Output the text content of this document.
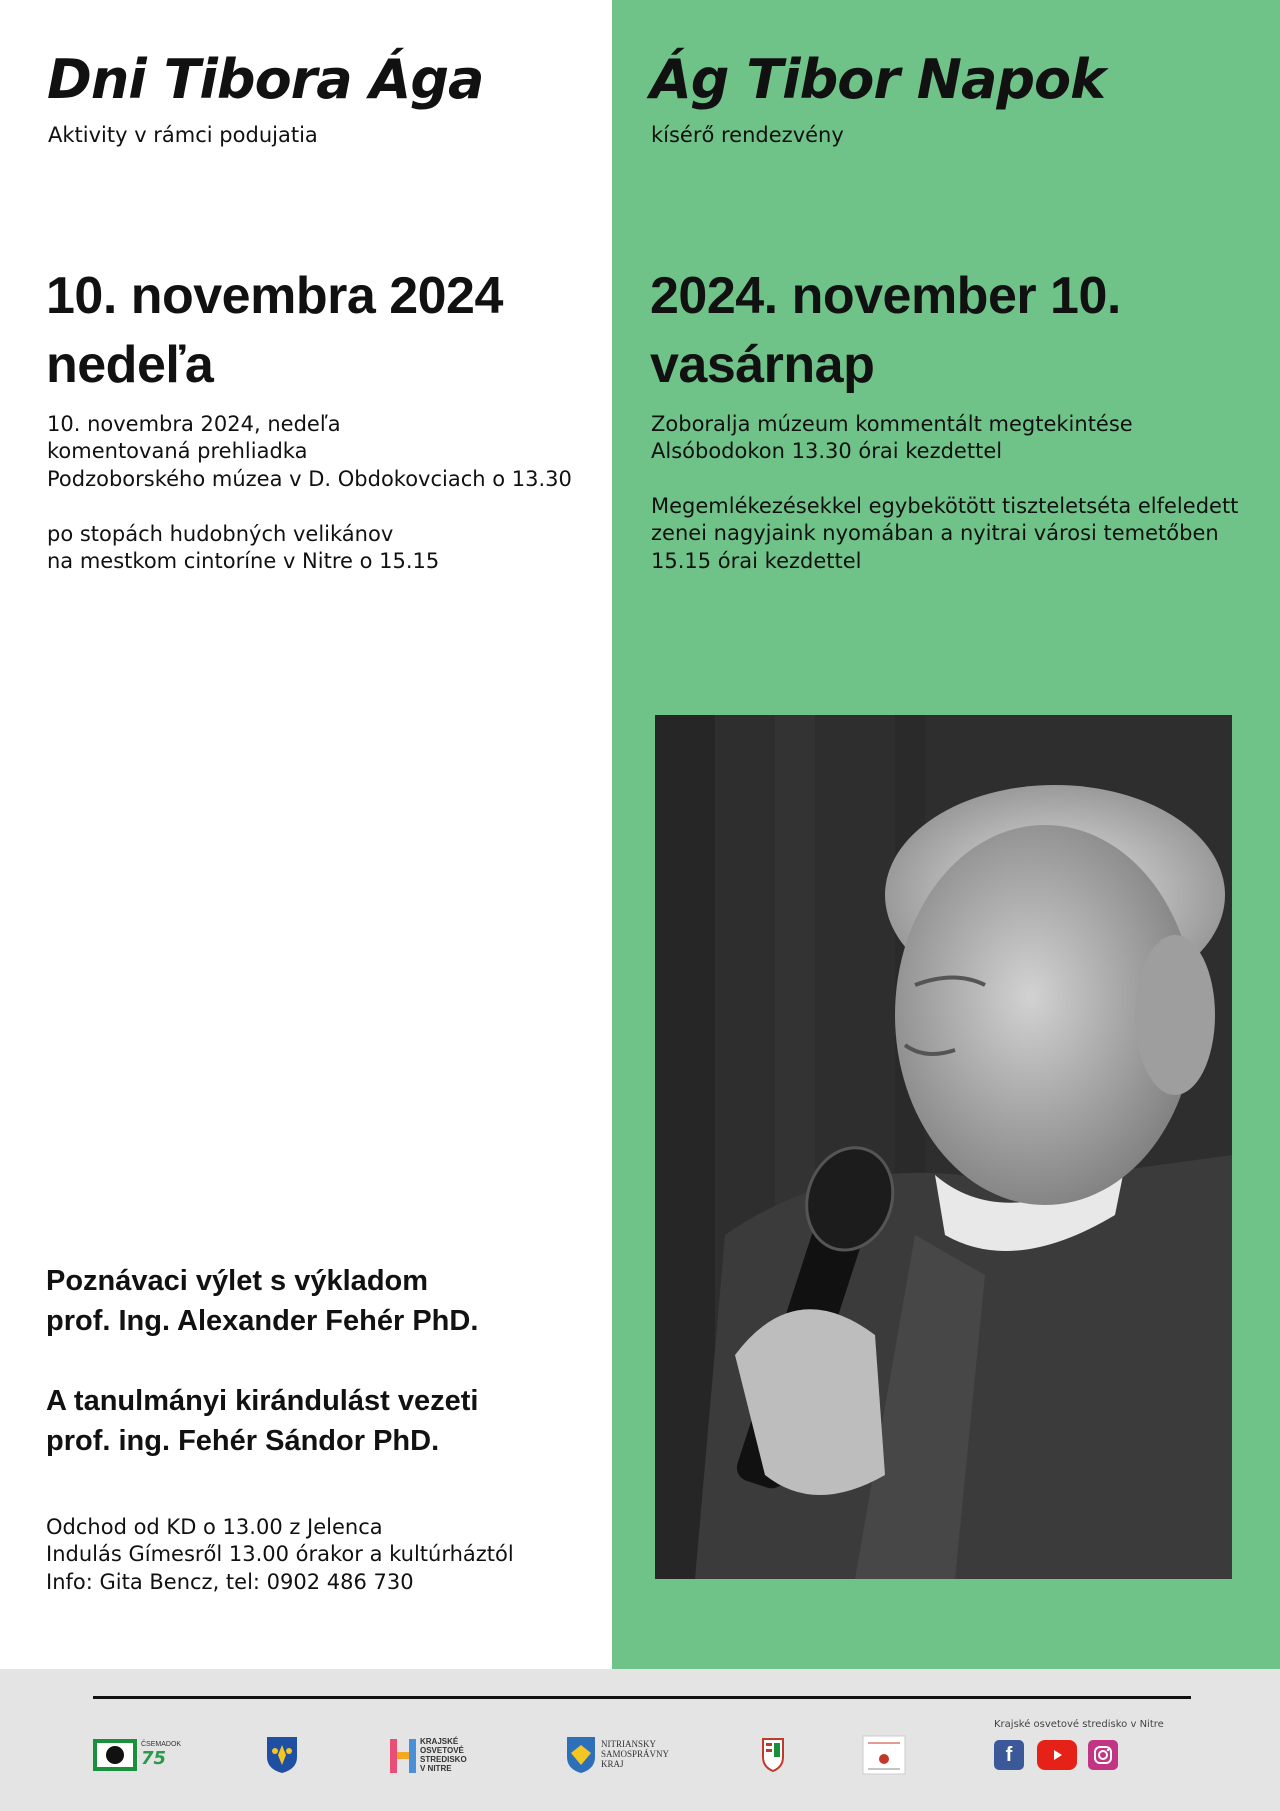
Dni Tibora Ága
Aktivity v rámci podujatia
Ág Tibor Napok
kísérő rendezvény
10. novembra 2024
nedeľa
2024. november 10.
vasárnap
10. novembra 2024, nedeľa
komentovaná prehliadka
Podzoborského múzea v D. Obdokovciach o 13.30
po stopách hudobných velikánov
na mestkom cintoríne v Nitre o 15.15
Zoboralja múzeum kommentált megtekintése
Alsóbodokon 13.30 órai kezdettel
Megemlékezésekkel egybekötött tiszteletséta elfeledett
zenei nagyjaink nyomában a nyitrai városi temetőben
15.15 órai kezdettel
Poznávaci výlet s výkladom
prof. Ing. Alexander Fehér PhD.
A tanulmányi kirándulást vezeti
prof. ing. Fehér Sándor PhD.
Odchod od KD o 13.00 z Jelenca
Indulás Gímesről 13.00 órakor a kultúrháztól
Info: Gita Bencz, tel: 0902 486 730
ČSEMADOK
75
KRAJSKÉ
OSVETOVÉ
STREDISKO
V NITRE
NITRIANSKY
SAMOSPRÁVNY
KRAJ
Krajské osvetové stredisko v Nitre
f
